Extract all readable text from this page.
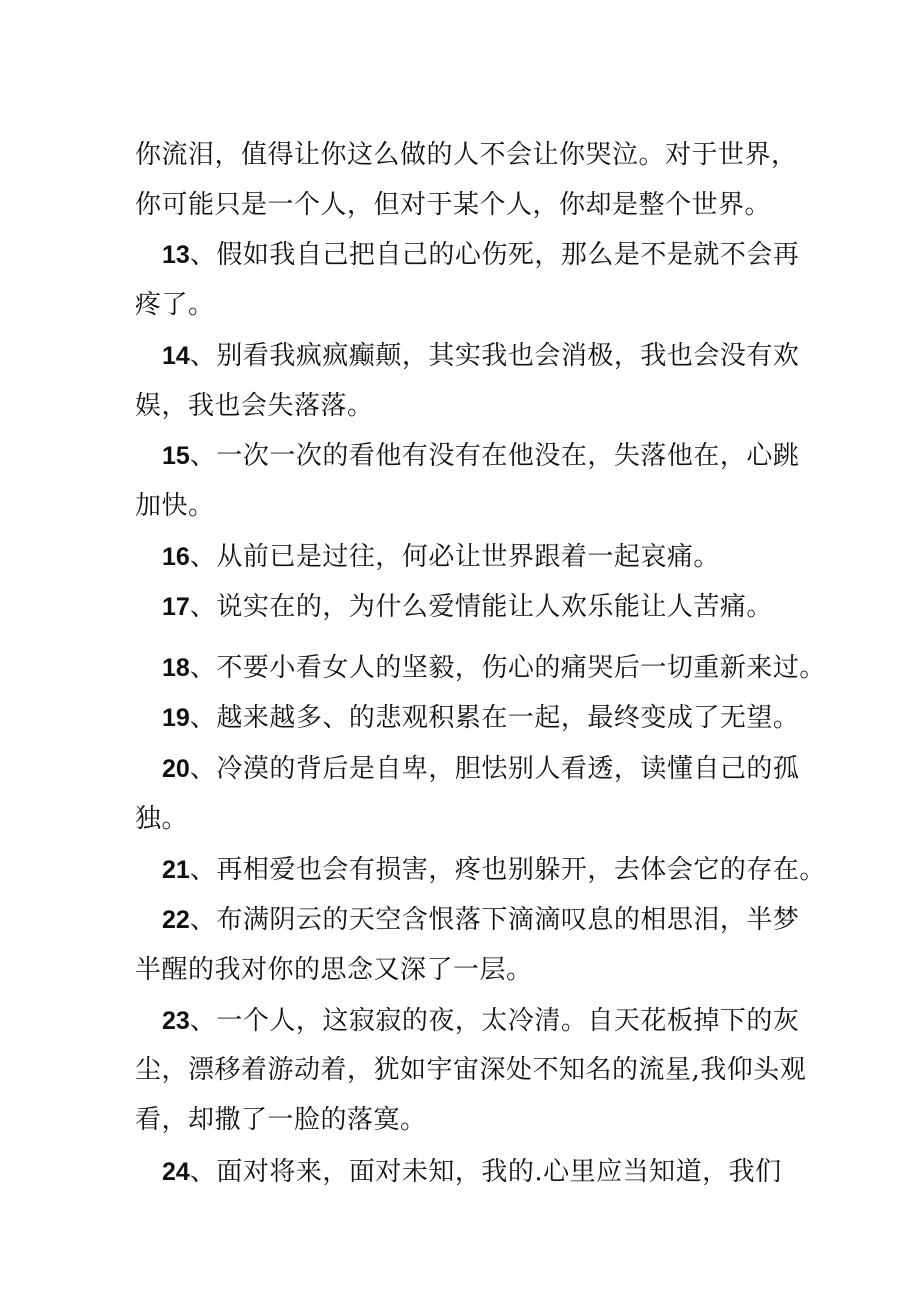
你流泪，值得让你这么做的人不会让你哭泣。对于世界，

你可能只是一个人，但对于某个人，你却是整个世界。

13、假如我自己把自己的心伤死，那么是不是就不会再

疼了。

14、别看我疯疯癫颠，其实我也会消极，我也会没有欢

娱，我也会失落落。

15、一次一次的看他有没有在他没在，失落他在，心跳

加快。

16、从前已是过往，何必让世界跟着一起哀痛。

17、说实在的，为什么爱情能让人欢乐能让人苦痛。

18、不要小看女人的坚毅，伤心的痛哭后一切重新来过。

19、越来越多、的悲观积累在一起，最终变成了无望。

20、冷漠的背后是自卑，胆怯别人看透，读懂自己的孤

独。

21、再相爱也会有损害，疼也别躲开，去体会它的存在。

22、布满阴云的天空含恨落下滴滴叹息的相思泪，半梦

半醒的我对你的思念又深了一层。

23、一个人，这寂寂的夜，太冷清。自天花板掉下的灰

尘，漂移着游动着，犹如宇宙深处不知名的流星,我仰头观

看，却撒了一脸的落寞。

24、面对将来，面对未知，我的.心里应当知道，我们
